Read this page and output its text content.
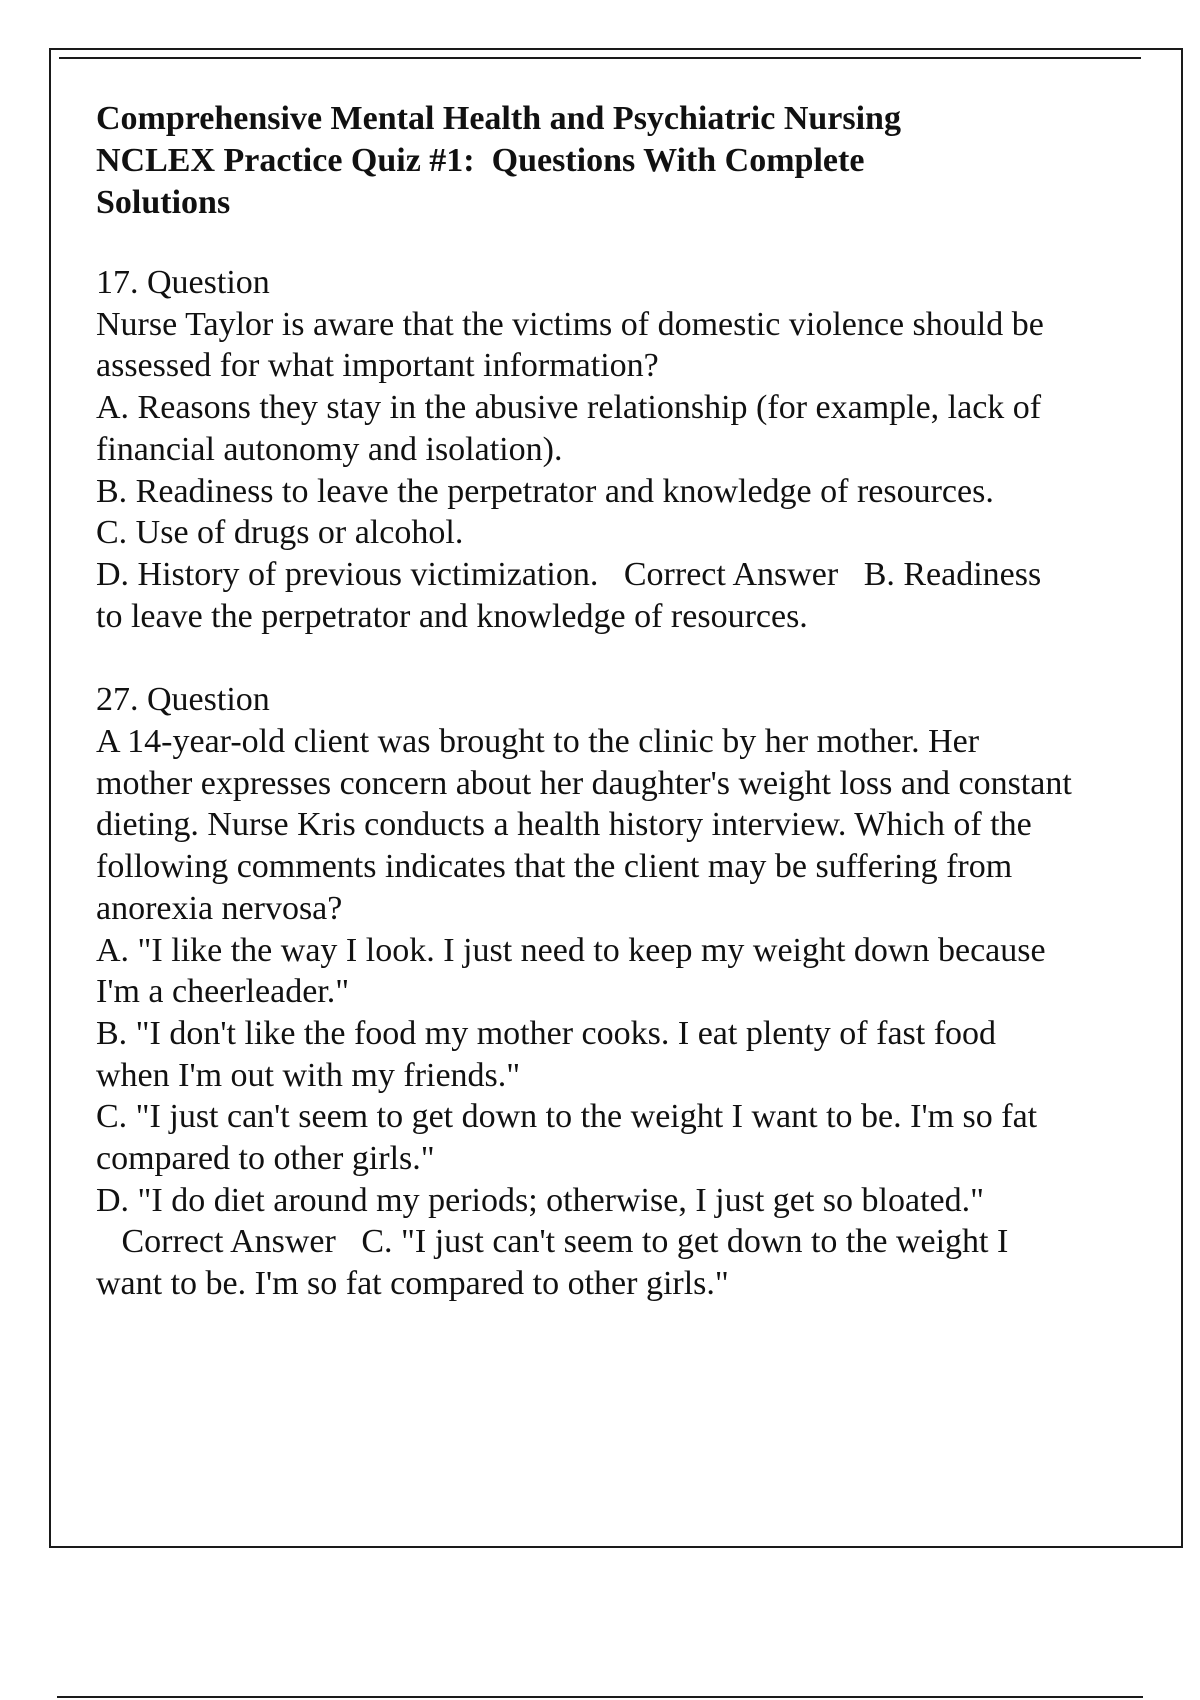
Comprehensive Mental Health and Psychiatric Nursing
NCLEX Practice Quiz #1:  Questions With Complete
Solutions
17. Question
Nurse Taylor is aware that the victims of domestic violence should be assessed for what important information?
A. Reasons they stay in the abusive relationship (for example, lack of financial autonomy and isolation).
B. Readiness to leave the perpetrator and knowledge of resources.
C. Use of drugs or alcohol.
D. History of previous victimization. Correct Answer B. Readiness to leave the perpetrator and knowledge of resources.
27. Question
A 14-year-old client was brought to the clinic by her mother. Her mother expresses concern about her daughter's weight loss and constant dieting. Nurse Kris conducts a health history interview. Which of the following comments indicates that the client may be suffering from anorexia nervosa?
A. "I like the way I look. I just need to keep my weight down because I'm a cheerleader."
B. "I don't like the food my mother cooks. I eat plenty of fast food when I'm out with my friends."
C. "I just can't seem to get down to the weight I want to be. I'm so fat compared to other girls."
D. "I do diet around my periods; otherwise, I just get so bloated."   Correct Answer C. "I just can't seem to get down to the weight I want to be. I'm so fat compared to other girls."
